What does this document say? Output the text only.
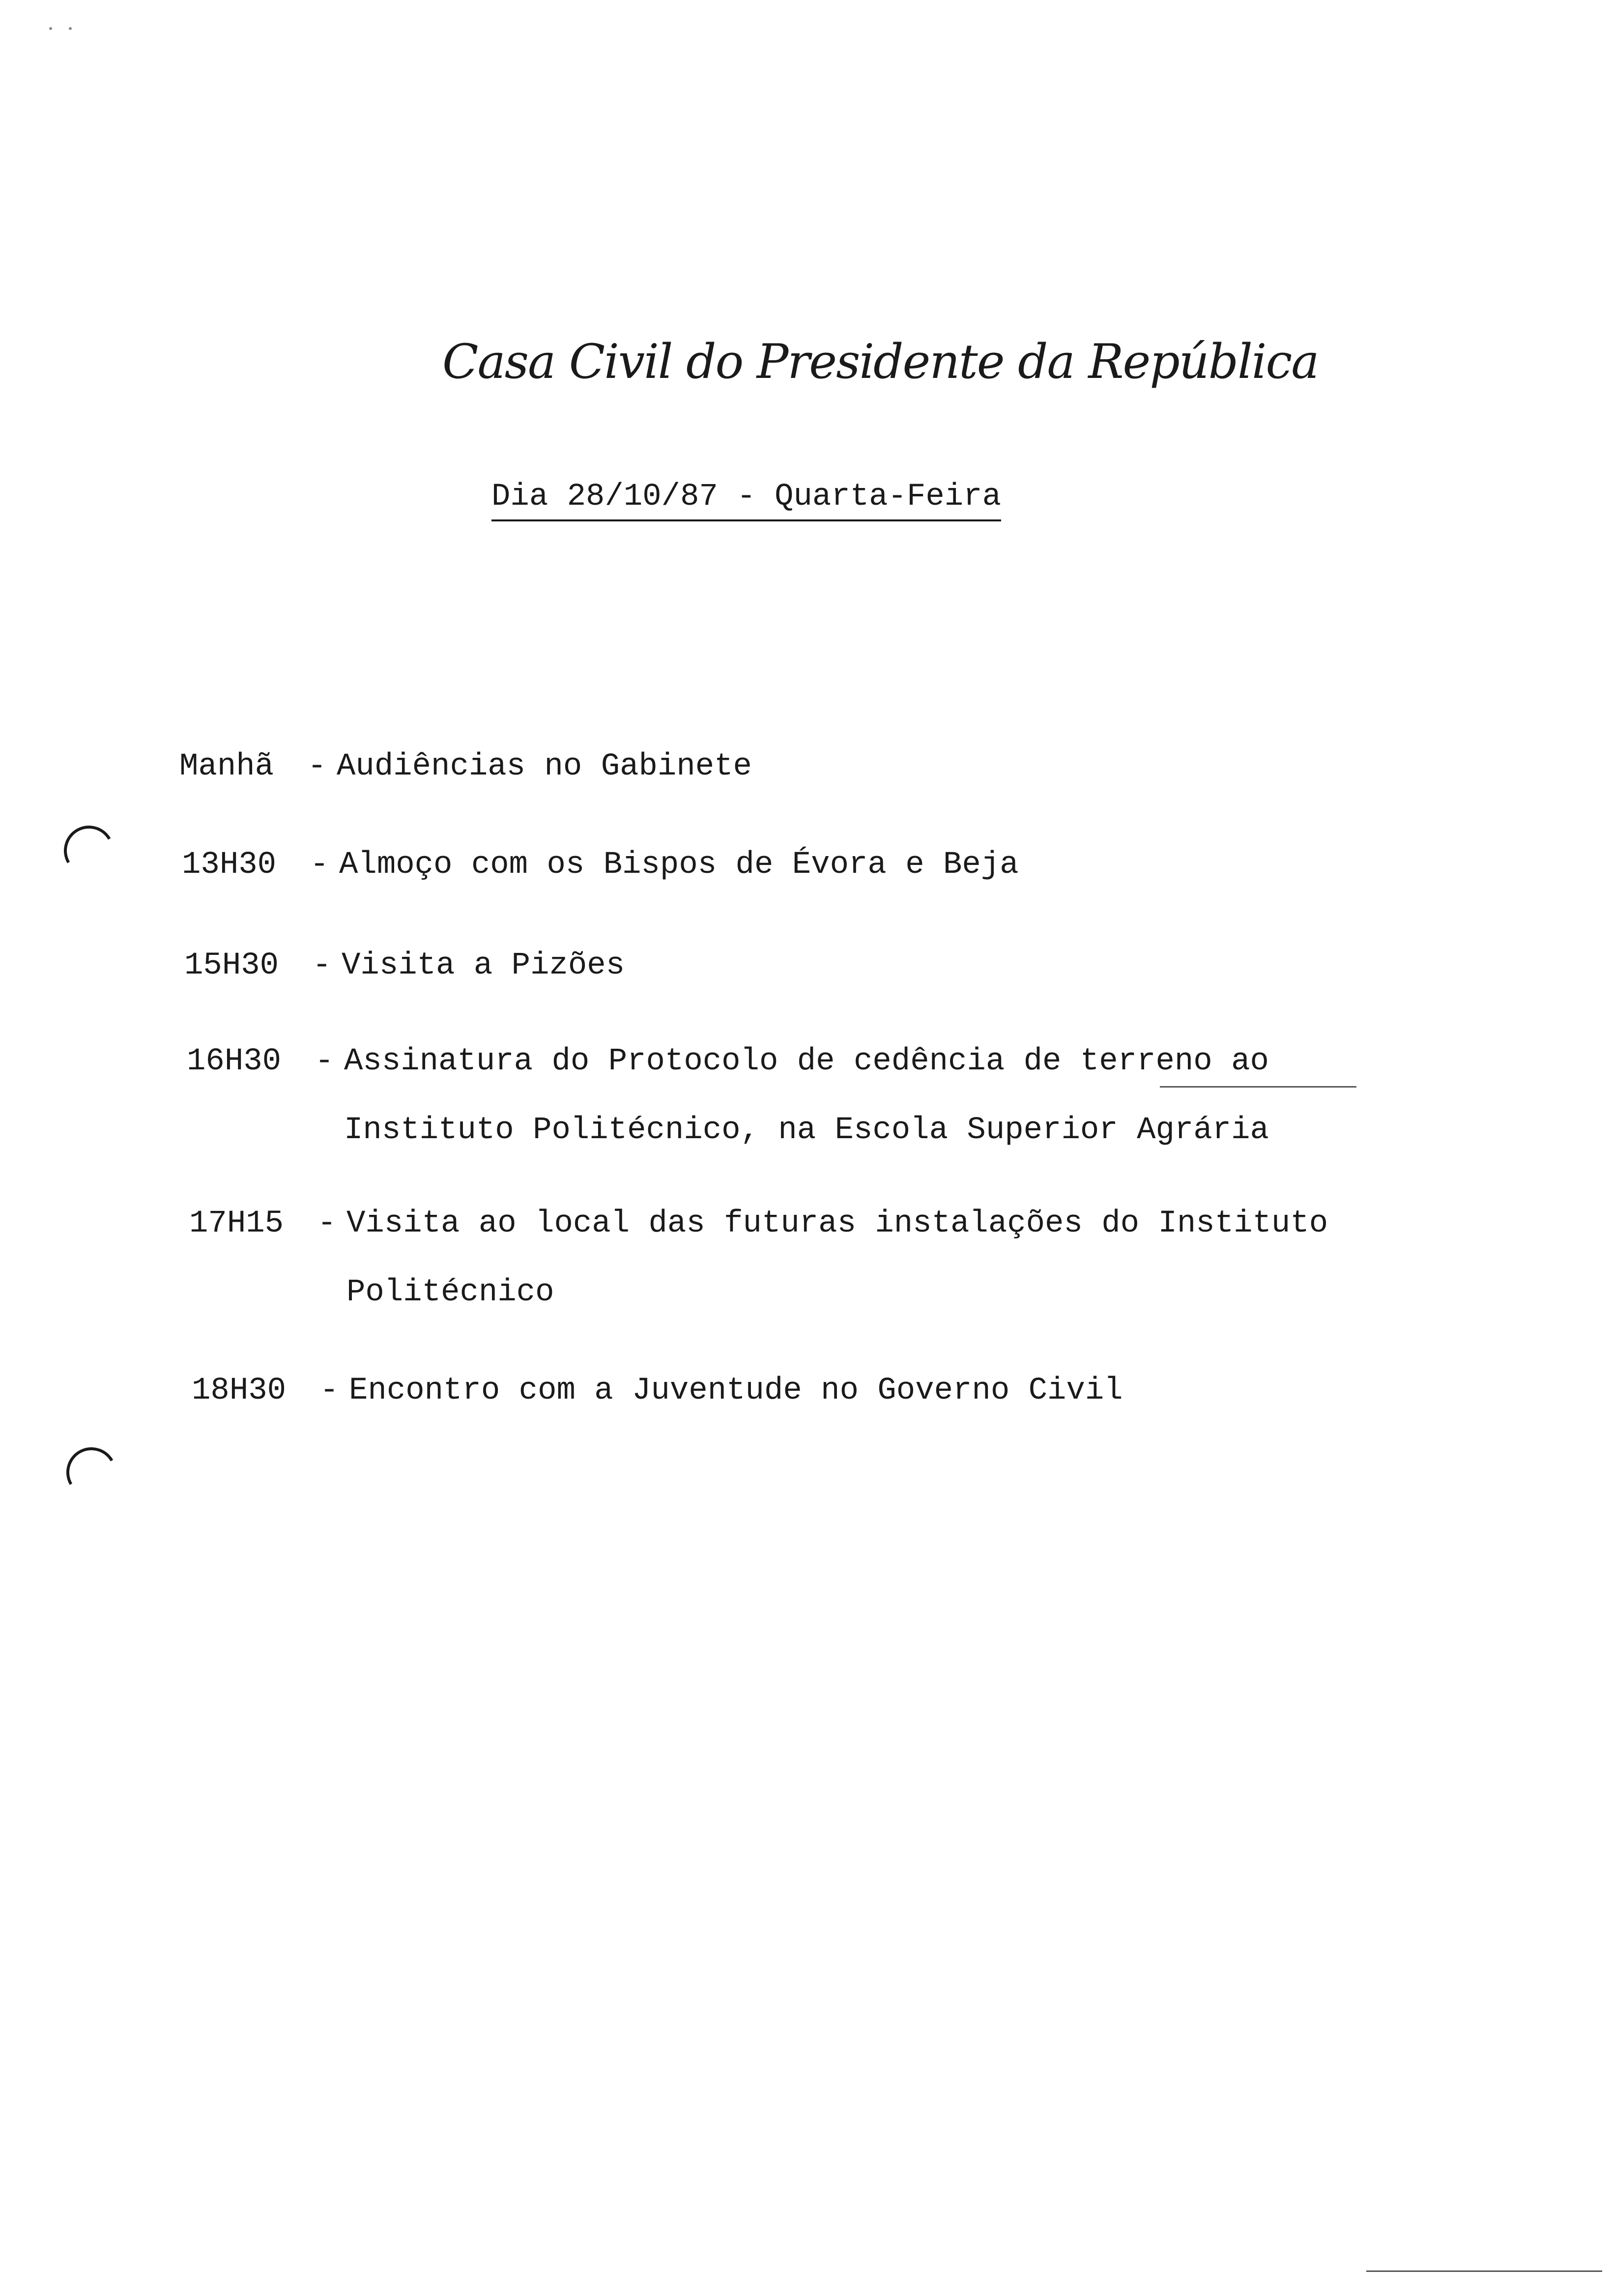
Casa Civil do Presidente da República
Dia 28/10/87 - Quarta-Feira
Manhã - Audiências no Gabinete
13H30 - Almoço com os Bispos de Évora e Beja
15H30 - Visita a Pizões
16H30 - Assinatura do Protocolo de cedência de terreno ao
Instituto Politécnico, na Escola Superior Agrária
17H15 - Visita ao local das futuras instalações do Instituto
Politécnico
18H30 - Encontro com a Juventude no Governo Civil
